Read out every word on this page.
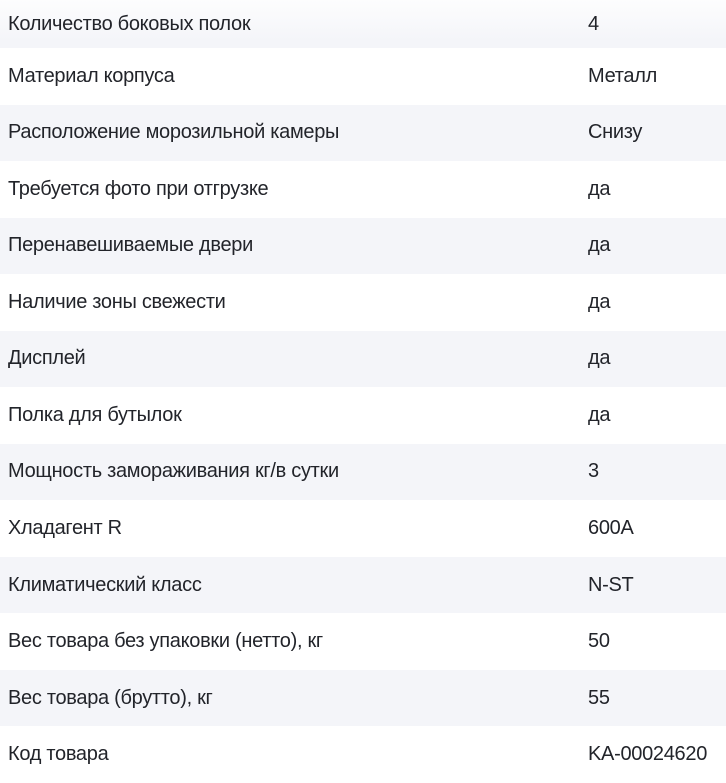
Количество боковых полок	4
Материал корпуса	Металл
Расположение морозильной камеры	Снизу
Требуется фото при отгрузке	да
Перенавешиваемые двери	да
Наличие зоны свежести	да
Дисплей	да
Полка для бутылок	да
Мощность замораживания кг/в сутки	3
Хладагент R	600A
Климатический класс	N-ST
Вес товара без упаковки (нетто), кг	50
Вес товара (брутто), кг	55
Код товара	KA-00024620
